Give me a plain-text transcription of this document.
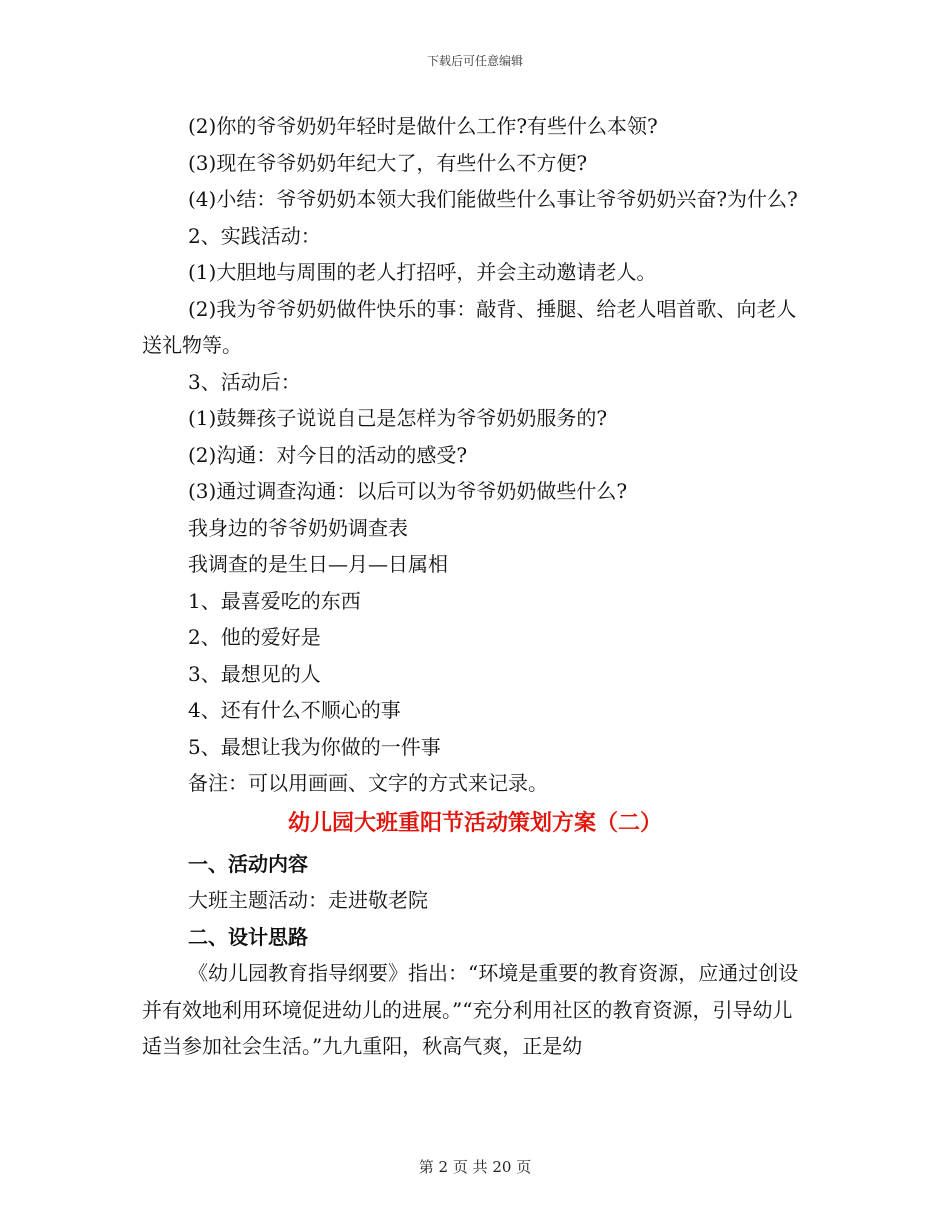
下载后可任意编辑

(2)你的爷爷奶奶年轻时是做什么工作?有些什么本领?

(3)现在爷爷奶奶年纪大了，有些什么不方便?

(4)小结：爷爷奶奶本领大我们能做些什么事让爷爷奶奶兴奋?为什么?

2、实践活动：

(1)大胆地与周围的老人打招呼，并会主动邀请老人。

(2)我为爷爷奶奶做件快乐的事：敲背、捶腿、给老人唱首歌、向老人送礼物等。

3、活动后：

(1)鼓舞孩子说说自己是怎样为爷爷奶奶服务的?

(2)沟通：对今日的活动的感受?

(3)通过调查沟通：以后可以为爷爷奶奶做些什么?

我身边的爷爷奶奶调查表

我调查的是生日—月—日属相

1、最喜爱吃的东西

2、他的爱好是

3、最想见的人

4、还有什么不顺心的事

5、最想让我为你做的一件事

备注：可以用画画、文字的方式来记录。

幼儿园大班重阳节活动策划方案（二）

一、活动内容

大班主题活动：走进敬老院

二、设计思路

《幼儿园教育指导纲要》指出：“环境是重要的教育资源，应通过创设并有效地利用环境促进幼儿的进展。”“充分利用社区的教育资源，引导幼儿适当参加社会生活。”九九重阳，秋高气爽，正是幼

第 2 页 共 20 页
